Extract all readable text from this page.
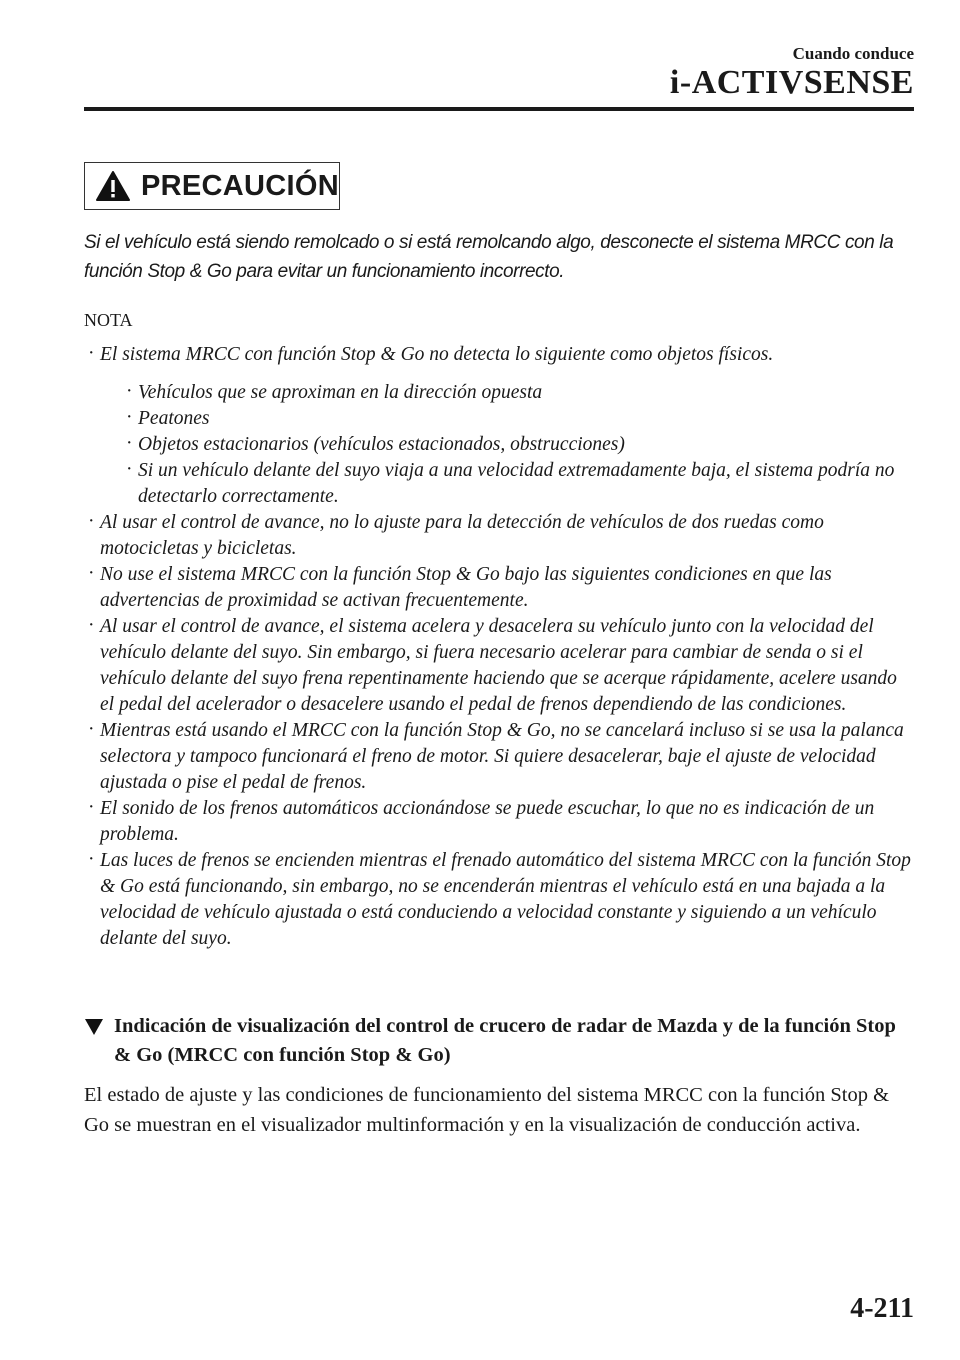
Cuando conduce
i-ACTIVSENSE
PRECAUCIÓN

Si el vehículo está siendo remolcado o si está remolcando algo, desconecte el sistema MRCC con la función Stop & Go para evitar un funcionamiento incorrecto.

NOTA
· El sistema MRCC con función Stop & Go no detecta lo siguiente como objetos físicos.
· Vehículos que se aproximan en la dirección opuesta
· Peatones
· Objetos estacionarios (vehículos estacionados, obstrucciones)
· Si un vehículo delante del suyo viaja a una velocidad extremadamente baja, el sistema podría no detectarlo correctamente.
· Al usar el control de avance, no lo ajuste para la detección de vehículos de dos ruedas como motocicletas y bicicletas.
· No use el sistema MRCC con la función Stop & Go bajo las siguientes condiciones en que las advertencias de proximidad se activan frecuentemente.
· Al usar el control de avance, el sistema acelera y desacelera su vehículo junto con la velocidad del vehículo delante del suyo. Sin embargo, si fuera necesario acelerar para cambiar de senda o si el vehículo delante del suyo frena repentinamente haciendo que se acerque rápidamente, acelere usando el pedal del acelerador o desacelere usando el pedal de frenos dependiendo de las condiciones.
· Mientras está usando el MRCC con la función Stop & Go, no se cancelará incluso si se usa la palanca selectora y tampoco funcionará el freno de motor. Si quiere desacelerar, baje el ajuste de velocidad ajustada o pise el pedal de frenos.
· El sonido de los frenos automáticos accionándose se puede escuchar, lo que no es indicación de un problema.
· Las luces de frenos se encienden mientras el frenado automático del sistema MRCC con la función Stop & Go está funcionando, sin embargo, no se encenderán mientras el vehículo está en una bajada a la velocidad de vehículo ajustada o está conduciendo a velocidad constante y siguiendo a un vehículo delante del suyo.
Indicación de visualización del control de crucero de radar de Mazda y de la función Stop & Go (MRCC con función Stop & Go)

El estado de ajuste y las condiciones de funcionamiento del sistema MRCC con la función Stop & Go se muestran en el visualizador multinformación y en la visualización de conducción activa.

4-211
